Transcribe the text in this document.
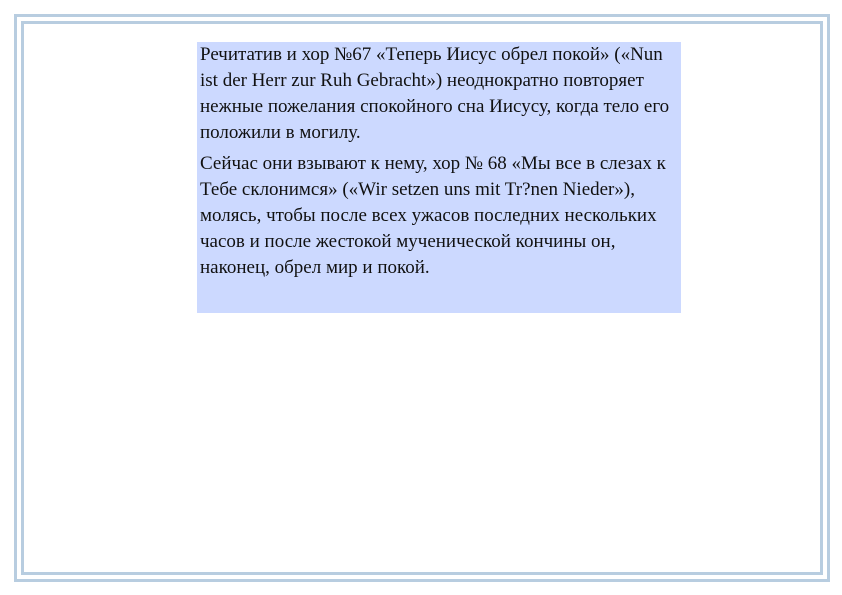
Речитатив и хор №67 «Теперь Иисус обрел покой» («Nun ist der Herr zur Ruh Gebracht») неоднократно повторяет нежные пожелания спокойного сна Иисусу, когда тело его положили в могилу.

Сейчас они взывают к нему, хор № 68 «Мы все в слезах к Тебе склонимся» («Wir setzen uns mit Tr?nen Nieder»), молясь, чтобы после всех ужасов последних нескольких часов и после жестокой мученической кончины он, наконец, обрел мир и покой.
